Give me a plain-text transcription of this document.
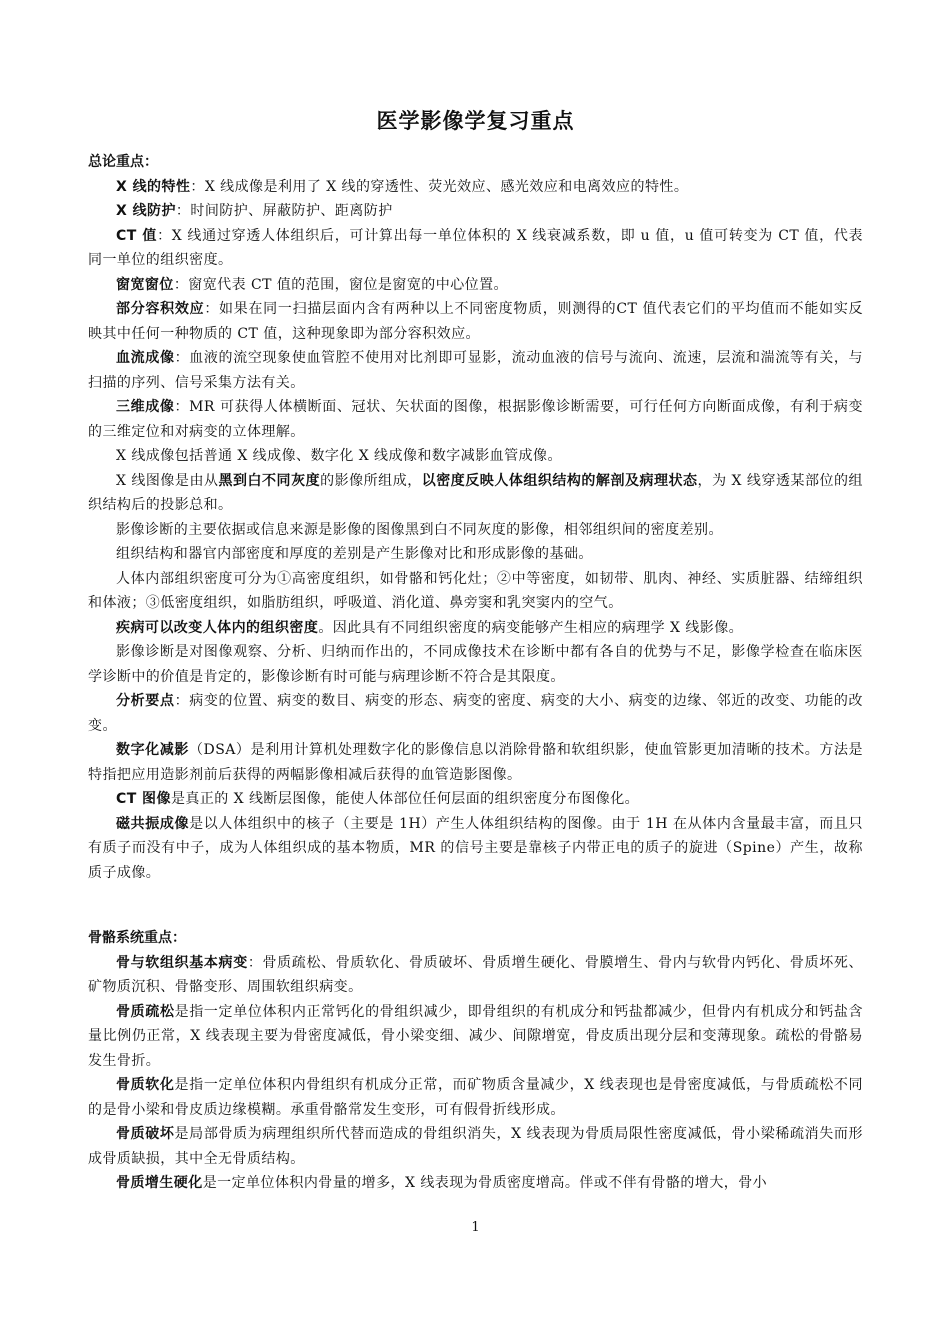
医学影像学复习重点

总论重点：

X 线的特性：X 线成像是利用了 X 线的穿透性、荧光效应、感光效应和电离效应的特性。

X 线防护：时间防护、屏蔽防护、距离防护

CT 值：X 线通过穿透人体组织后，可计算出每一单位体积的 X 线衰减系数，即 u 值，u 值可转变为 CT 值，代表同一单位的组织密度。

窗宽窗位：窗宽代表 CT 值的范围，窗位是窗宽的中心位置。

部分容积效应：如果在同一扫描层面内含有两种以上不同密度物质，则测得的CT 值代表它们的平均值而不能如实反映其中任何一种物质的 CT 值，这种现象即为部分容积效应。

血流成像：血液的流空现象使血管腔不使用对比剂即可显影，流动血液的信号与流向、流速，层流和湍流等有关，与扫描的序列、信号采集方法有关。

三维成像：MR 可获得人体横断面、冠状、矢状面的图像，根据影像诊断需要，可行任何方向断面成像，有利于病变的三维定位和对病变的立体理解。

X 线成像包括普通 X 线成像、数字化 X 线成像和数字减影血管成像。

X 线图像是由从黑到白不同灰度的影像所组成，以密度反映人体组织结构的解剖及病理状态，为 X 线穿透某部位的组织结构后的投影总和。

影像诊断的主要依据或信息来源是影像的图像黑到白不同灰度的影像，相邻组织间的密度差别。

组织结构和器官内部密度和厚度的差别是产生影像对比和形成影像的基础。

人体内部组织密度可分为①高密度组织，如骨骼和钙化灶；②中等密度，如韧带、肌肉、神经、实质脏器、结缔组织和体液；③低密度组织，如脂肪组织，呼吸道、消化道、鼻旁窦和乳突窦内的空气。

疾病可以改变人体内的组织密度。因此具有不同组织密度的病变能够产生相应的病理学 X 线影像。

影像诊断是对图像观察、分析、归纳而作出的，不同成像技术在诊断中都有各自的优势与不足，影像学检查在临床医学诊断中的价值是肯定的，影像诊断有时可能与病理诊断不符合是其限度。

分析要点：病变的位置、病变的数目、病变的形态、病变的密度、病变的大小、病变的边缘、邻近的改变、功能的改变。

数字化减影（DSA）是利用计算机处理数字化的影像信息以消除骨骼和软组织影，使血管影更加清晰的技术。方法是特指把应用造影剂前后获得的两幅影像相减后获得的血管造影图像。

CT 图像是真正的 X 线断层图像，能使人体部位任何层面的组织密度分布图像化。

磁共振成像是以人体组织中的核子（主要是 1H）产生人体组织结构的图像。由于 1H 在从体内含量最丰富，而且只有质子而没有中子，成为人体组织成的基本物质，MR 的信号主要是靠核子内带正电的质子的旋进（Spine）产生，故称质子成像。

骨骼系统重点：

骨与软组织基本病变：骨质疏松、骨质软化、骨质破坏、骨质增生硬化、骨膜增生、骨内与软骨内钙化、骨质坏死、矿物质沉积、骨骼变形、周围软组织病变。

骨质疏松是指一定单位体积内正常钙化的骨组织减少，即骨组织的有机成分和钙盐都减少，但骨内有机成分和钙盐含量比例仍正常，X 线表现主要为骨密度减低，骨小梁变细、减少、间隙增宽，骨皮质出现分层和变薄现象。疏松的骨骼易发生骨折。

骨质软化是指一定单位体积内骨组织有机成分正常，而矿物质含量减少，X 线表现也是骨密度减低，与骨质疏松不同的是骨小梁和骨皮质边缘模糊。承重骨骼常发生变形，可有假骨折线形成。

骨质破坏是局部骨质为病理组织所代替而造成的骨组织消失，X 线表现为骨质局限性密度减低，骨小梁稀疏消失而形成骨质缺损，其中全无骨质结构。

骨质增生硬化是一定单位体积内骨量的增多，X 线表现为骨质密度增高。伴或不伴有骨骼的增大，骨小

1
